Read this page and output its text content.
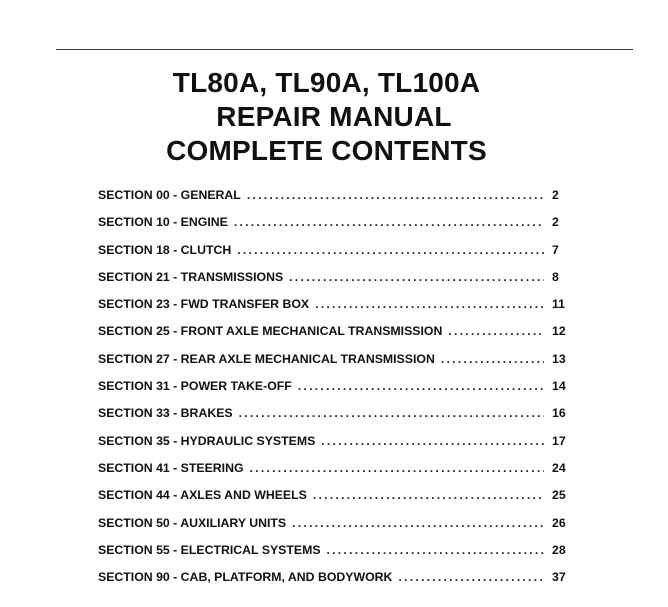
TL80A, TL90A, TL100A
REPAIR MANUAL
COMPLETE CONTENTS
SECTION 00 - GENERAL . . .	2
SECTION 10 - ENGINE . . .	2
SECTION 18 - CLUTCH . . .	7
SECTION 21 - TRANSMISSIONS . . .	8
SECTION 23 - FWD TRANSFER BOX . . .	11
SECTION 25 - FRONT AXLE MECHANICAL TRANSMISSION . . .	12
SECTION 27 - REAR AXLE MECHANICAL TRANSMISSION . . .	13
SECTION 31 - POWER TAKE-OFF . . .	14
SECTION 33 - BRAKES . . .	16
SECTION 35 - HYDRAULIC SYSTEMS . . .	17
SECTION 41 - STEERING . . .	24
SECTION 44 - AXLES AND WHEELS . . .	25
SECTION 50 - AUXILIARY UNITS . . .	26
SECTION 55 - ELECTRICAL SYSTEMS . . .	28
SECTION 90 - CAB, PLATFORM, AND BODYWORK . . .	37
